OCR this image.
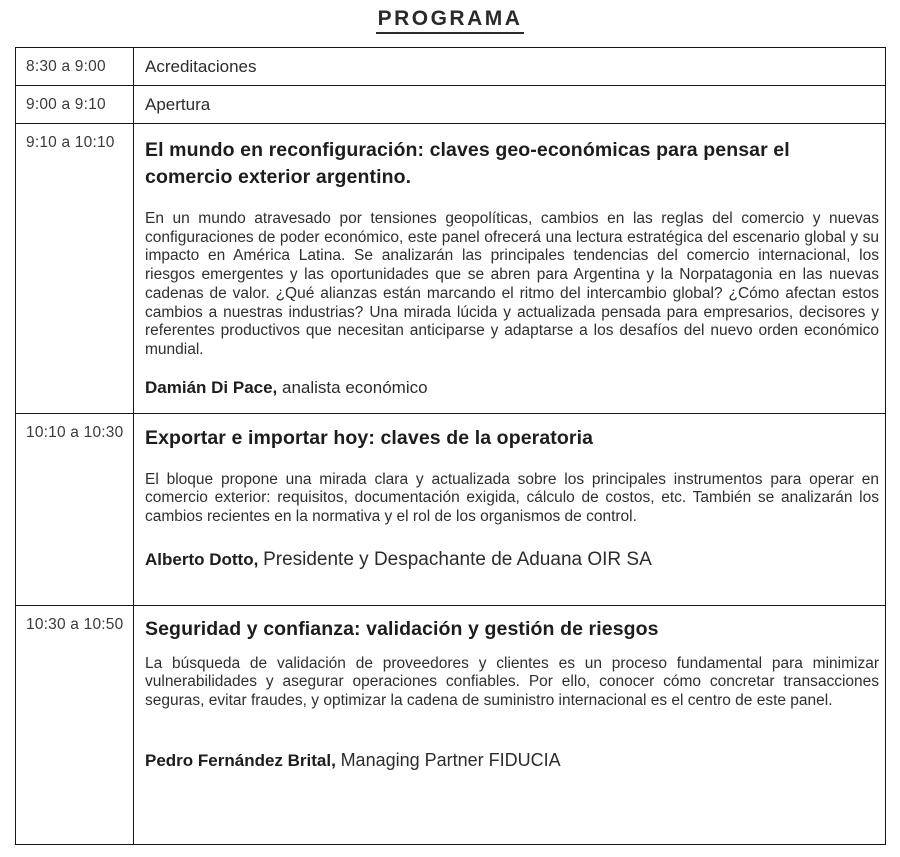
PROGRAMA
8:30 a 9:00	Acreditaciones
9:00 a 9:10	Apertura
9:10 a 10:10	El mundo en reconfiguración: claves geo-económicas para pensar el comercio exterior argentino.

En un mundo atravesado por tensiones geopolíticas, cambios en las reglas del comercio y nuevas configuraciones de poder económico, este panel ofrecerá una lectura estratégica del escenario global y su impacto en América Latina. Se analizarán las principales tendencias del comercio internacional, los riesgos emergentes y las oportunidades que se abren para Argentina y la Norpatagonia en las nuevas cadenas de valor. ¿Qué alianzas están marcando el ritmo del intercambio global? ¿Cómo afectan estos cambios a nuestras industrias? Una mirada lúcida y actualizada pensada para empresarios, decisores y referentes productivos que necesitan anticiparse y adaptarse a los desafíos del nuevo orden económico mundial.

Damián Di Pace, analista económico

10:10 a 10:30	Exportar e importar hoy: claves de la operatoria

El bloque propone una mirada clara y actualizada sobre los principales instrumentos para operar en comercio exterior: requisitos, documentación exigida, cálculo de costos, etc. También se analizarán los cambios recientes en la normativa y el rol de los organismos de control.

Alberto Dotto, Presidente y Despachante de Aduana OIR SA

10:30 a 10:50	Seguridad y confianza: validación y gestión de riesgos

La búsqueda de validación de proveedores y clientes es un proceso fundamental para minimizar vulnerabilidades y asegurar operaciones confiables. Por ello, conocer cómo concretar transacciones seguras, evitar fraudes, y optimizar la cadena de suministro internacional es el centro de este panel.

Pedro Fernández Brital, Managing Partner FIDUCIA
